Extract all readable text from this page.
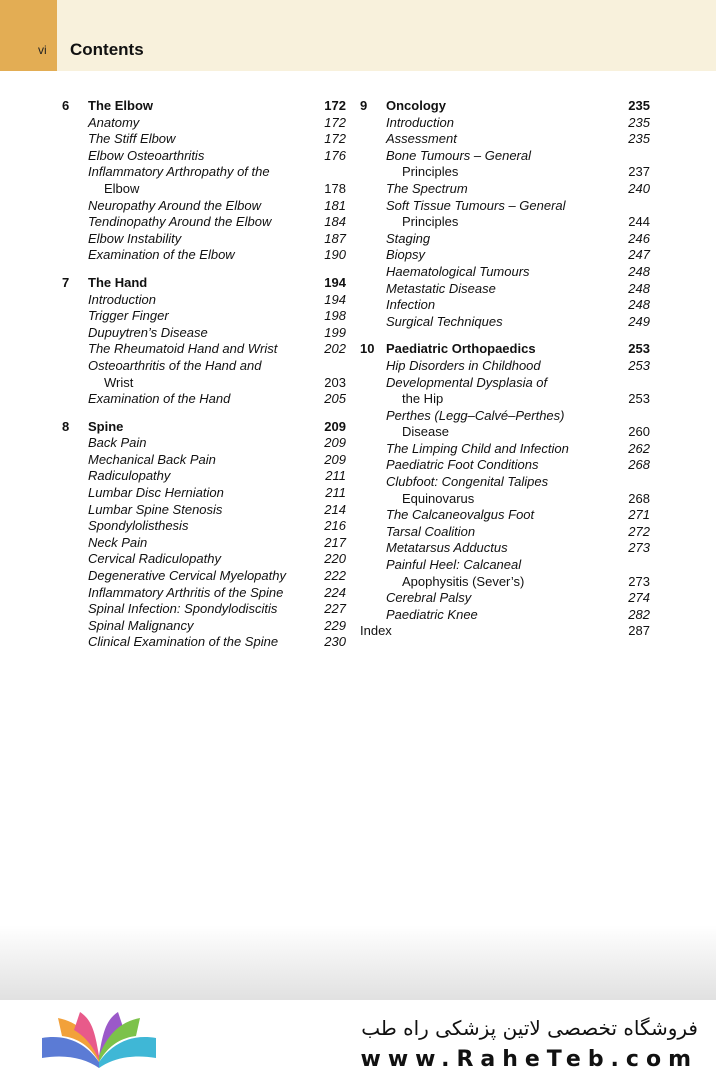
vi Contents
6 The Elbow	172
Anatomy	172
The Stiff Elbow	172
Elbow Osteoarthritis	176
Inflammatory Arthropathy of the
Elbow	178
Neuropathy Around the Elbow	181
Tendinopathy Around the Elbow	184
Elbow Instability	187
Examination of the Elbow	190
7 The Hand	194
Introduction	194
Trigger Finger	198
Dupuytren’s Disease	199
The Rheumatoid Hand and Wrist	202
Osteoarthritis of the Hand and
Wrist	203
Examination of the Hand	205
8 Spine	209
Back Pain	209
Mechanical Back Pain	209
Radiculopathy	211
Lumbar Disc Herniation	211
Lumbar Spine Stenosis	214
Spondylolisthesis	216
Neck Pain	217
Cervical Radiculopathy	220
Degenerative Cervical Myelopathy	222
Inflammatory Arthritis of the Spine	224
Spinal Infection: Spondylodiscitis	227
Spinal Malignancy	229
Clinical Examination of the Spine	230
9 Oncology	235
Introduction	235
Assessment	235
Bone Tumours – General
Principles	237
The Spectrum	240
Soft Tissue Tumours – General
Principles	244
Staging	246
Biopsy	247
Haematological Tumours	248
Metastatic Disease	248
Infection	248
Surgical Techniques	249
10 Paediatric Orthopaedics	253
Hip Disorders in Childhood	253
Developmental Dysplasia of
the Hip	253
Perthes (Legg–Calvé–Perthes)
Disease	260
The Limping Child and Infection	262
Paediatric Foot Conditions	268
Clubfoot: Congenital Talipes
Equinovarus	268
The Calcaneovalgus Foot	271
Tarsal Coalition	272
Metatarsus Adductus	273
Painful Heel: Calcaneal
Apophysitis (Sever’s)	273
Cerebral Palsy	274
Paediatric Knee	282
Index	287
فروشگاه تخصصی لاتین پزشکی راه طب
www.RaheTeb.com
